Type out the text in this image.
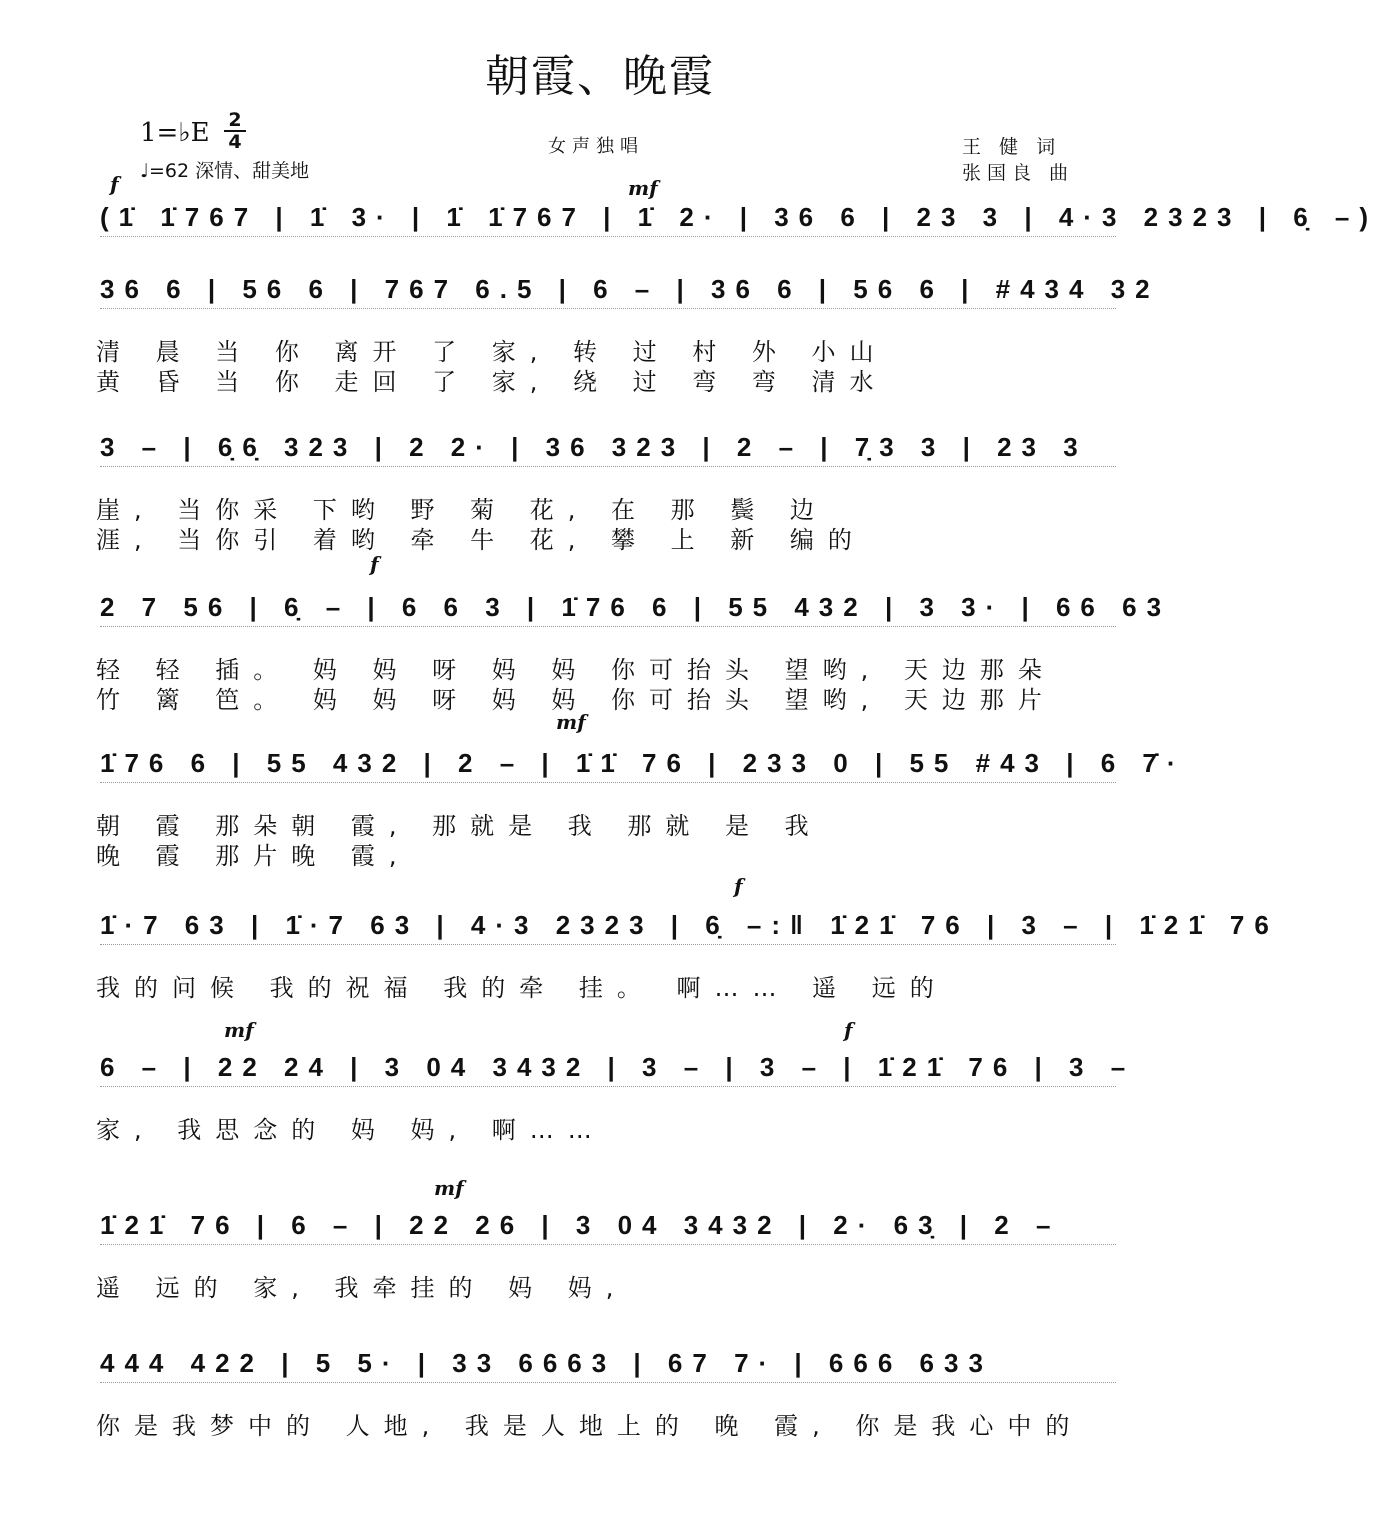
朝霞、晚霞
1=♭E 2
4
♩=62 深情、甜美地
女声独唱	王 健 词
张国良 曲
(1̇ 1̇767 | 1̇ 3· | 1̇ 1̇767 | 1̇ 2· | 36 6 | 23 3 | 4·3 2323 | 6̣ –)
f	mf
36 6 | 56 6 | 767 6.5 | 6 – | 36 6 | 56 6 | #434 32
清 晨 当 你 离开 了 家, 转 过 村 外 小山
黄 昏 当 你 走回 了 家, 绕 过 弯 弯 清水
3 – | 6̣6̣ 323 | 2 2· | 36 323 | 2 – | 7̣3 3 | 23 3
崖, 当你采 下哟 野 菊 花, 在 那 鬓 边
涯, 当你引 着哟 牵 牛 花, 攀 上 新 编的
2 7 56 | 6̣ – | 6 6 3 | 1̇76 6 | 55 432 | 3 3· | 66 63
轻 轻 插。 妈 妈 呀 妈 妈 你可抬头 望哟, 天边那朵
竹 篱 笆。 妈 妈 呀 妈 妈 你可抬头 望哟, 天边那片
f
1̇76 6 | 55 432 | 2 – | 1̇1̇ 76 | 233 0 | 55 #43 | 6 7̇·
朝 霞 那朵朝 霞, 那就是 我 那就 是 我
晚 霞 那片晚 霞,
mf
1̇·7 63 | 1̇·7 63 | 4·3 2323 | 6̣ –:‖ 1̇21̇ 76 | 3 – | 1̇21̇ 76
我的问候 我的祝福 我的牵 挂。 啊…… 遥 远的
f
6 – | 22 24 | 3 04 3432 | 3 – | 3 – | 1̇21̇ 76 | 3 –
家, 我思念的 妈 妈, 啊……
mf	f
1̇21̇ 76 | 6 – | 22 26 | 3 04 3432 | 2· 63̣ | 2 –
遥 远的 家, 我牵挂的 妈 妈,
mf
444 422 | 5 5· | 33 6663 | 67 7· | 666 633
你是我梦中的 人地, 我是人地上的 晚 霞, 你是我心中的
